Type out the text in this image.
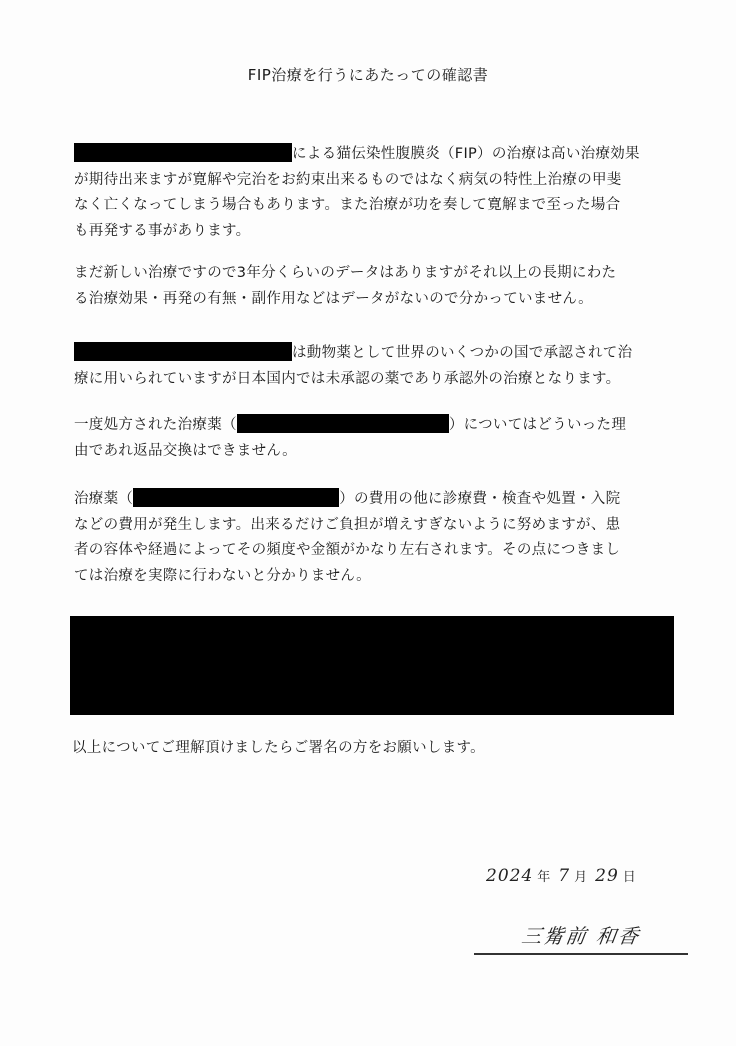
FIP治療を行うにあたっての確認書
による猫伝染性腹膜炎（FIP）の治療は高い治療効果
が期待出来ますが寛解や完治をお約束出来るものではなく病気の特性上治療の甲斐
なく亡くなってしまう場合もあります。また治療が功を奏して寛解まで至った場合
も再発する事があります。
まだ新しい治療ですので3年分くらいのデータはありますがそれ以上の長期にわた
る治療効果・再発の有無・副作用などはデータがないので分かっていません。
は動物薬として世界のいくつかの国で承認されて治
療に用いられていますが日本国内では未承認の薬であり承認外の治療となります。
一度処方された治療薬（	）についてはどういった理
由であれ返品交換はできません。
治療薬（	）の費用の他に診療費・検査や処置・入院
などの費用が発生します。出来るだけご負担が増えすぎないように努めますが、患
者の容体や経過によってその頻度や金額がかなり左右されます。その点につきまし
ては治療を実際に行わないと分かりません。
以上についてご理解頂けましたらご署名の方をお願いします。
2024 年 7 月 29 日
三觜前 和香
